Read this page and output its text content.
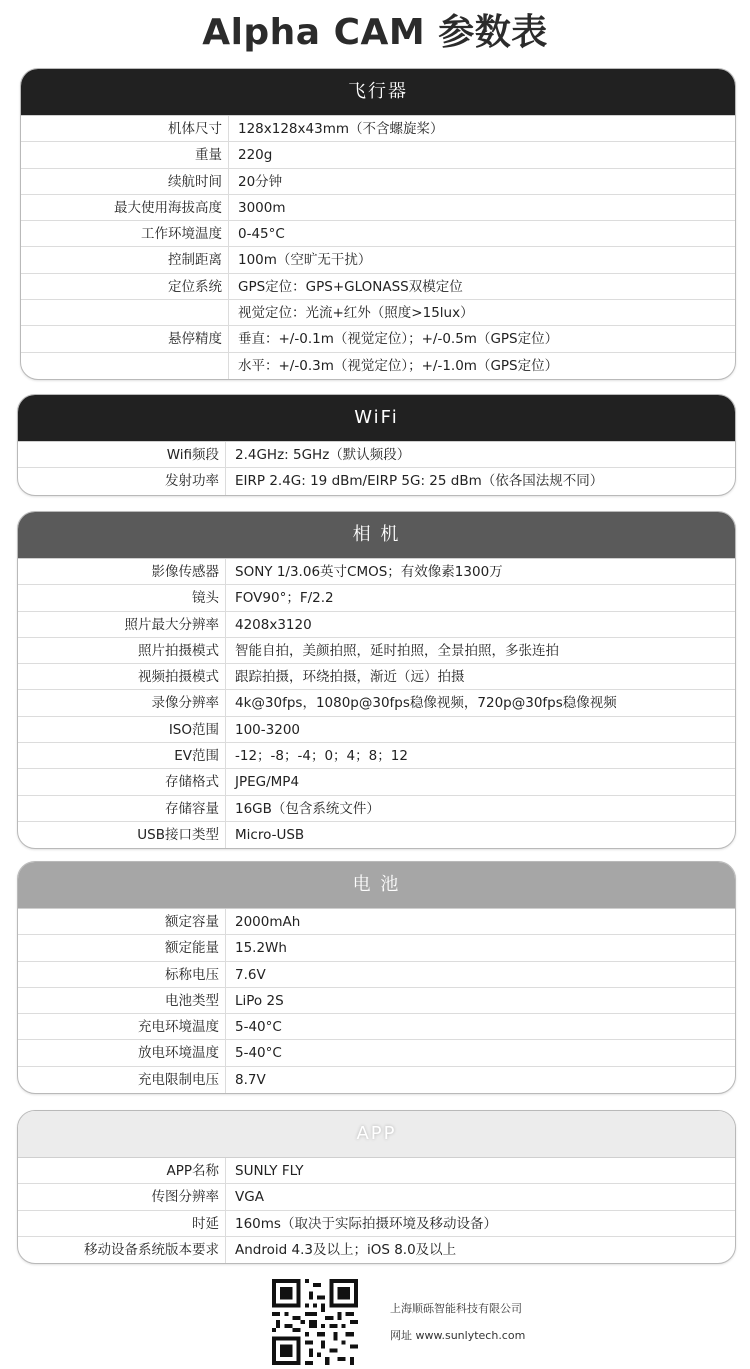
Alpha CAM 参数表
飞行器
机体尺寸	128x128x43mm（不含螺旋桨）
重量	220g
续航时间	20分钟
最大使用海拔高度	3000m
工作环境温度	0-45°C
控制距离	100m（空旷无干扰）
定位系统	GPS定位：GPS+GLONASS双模定位
视觉定位：光流+红外（照度>15lux）
悬停精度	垂直：+/-0.1m（视觉定位）；+/-0.5m（GPS定位）
水平：+/-0.3m（视觉定位）；+/-1.0m（GPS定位）
WiFi
Wifi频段	2.4GHz: 5GHz（默认频段）
发射功率	EIRP 2.4G: 19 dBm/EIRP 5G: 25 dBm（依各国法规不同）
相 机
影像传感器	SONY 1/3.06英寸CMOS；有效像素1300万
镜头	FOV90°；F/2.2
照片最大分辨率	4208x3120
照片拍摄模式	智能自拍，美颜拍照，延时拍照，全景拍照，多张连拍
视频拍摄模式	跟踪拍摄，环绕拍摄，渐近（远）拍摄
录像分辨率	4k@30fps，1080p@30fps稳像视频，720p@30fps稳像视频
ISO范围	100-3200
EV范围	-12；-8；-4；0；4；8；12
存储格式	JPEG/MP4
存储容量	16GB（包含系统文件）
USB接口类型	Micro-USB
电 池
额定容量	2000mAh
额定能量	15.2Wh
标称电压	7.6V
电池类型	LiPo 2S
充电环境温度	5-40°C
放电环境温度	5-40°C
充电限制电压	8.7V
APP
APP名称	SUNLY FLY
传图分辨率	VGA
时延	160ms（取决于实际拍摄环境及移动设备）
移动设备系统版本要求	Android 4.3及以上；iOS 8.0及以上
上海顺砾智能科技有限公司
网址 www.sunlytech.com
